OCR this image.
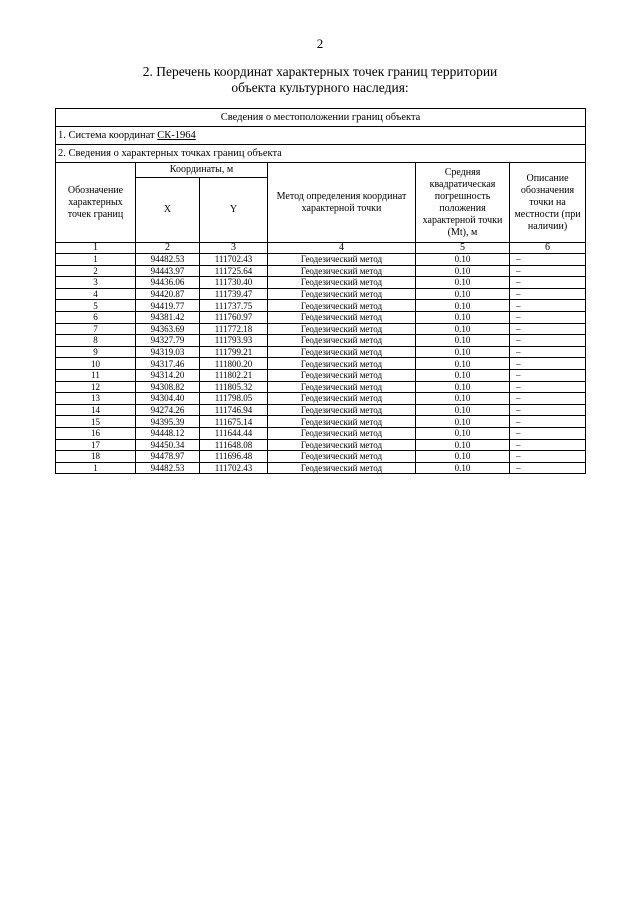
2
2. Перечень координат характерных точек границ территории
объекта культурного наследия:
Сведения о местоположении границ объекта					
1. Система координат СК-1964					
2. Сведения о характерных точках границ объекта					
Обозначение характерных точек границ	Координаты, м		Метод определения координат характерной точки	Средняя квадратическая погрешность положения характерной точки (Mt), м	Описание обозначения точки на местности (при наличии)
	X	Y			
1	2	3	4	5	6
1	94482.53	111702.43	Геодезический метод	0.10	–
2	94443.97	111725.64	Геодезический метод	0.10	–
3	94436.06	111730.40	Геодезический метод	0.10	–
4	94420.87	111739.47	Геодезический метод	0.10	–
5	94419.77	111737.75	Геодезический метод	0.10	–
6	94381.42	111760.97	Геодезический метод	0.10	–
7	94363.69	111772.18	Геодезический метод	0.10	–
8	94327.79	111793.93	Геодезический метод	0.10	–
9	94319.03	111799.21	Геодезический метод	0.10	–
10	94317.46	111800.20	Геодезический метод	0.10	–
11	94314.20	111802.21	Геодезический метод	0.10	–
12	94308.82	111805.32	Геодезический метод	0.10	–
13	94304.40	111798.05	Геодезический метод	0.10	–
14	94274.26	111746.94	Геодезический метод	0.10	–
15	94395.39	111675.14	Геодезический метод	0.10	–
16	94448.12	111644.44	Геодезический метод	0.10	–
17	94450.34	111648.08	Геодезический метод	0.10	–
18	94478.97	111696.48	Геодезический метод	0.10	–
1	94482.53	111702.43	Геодезический метод	0.10	–
